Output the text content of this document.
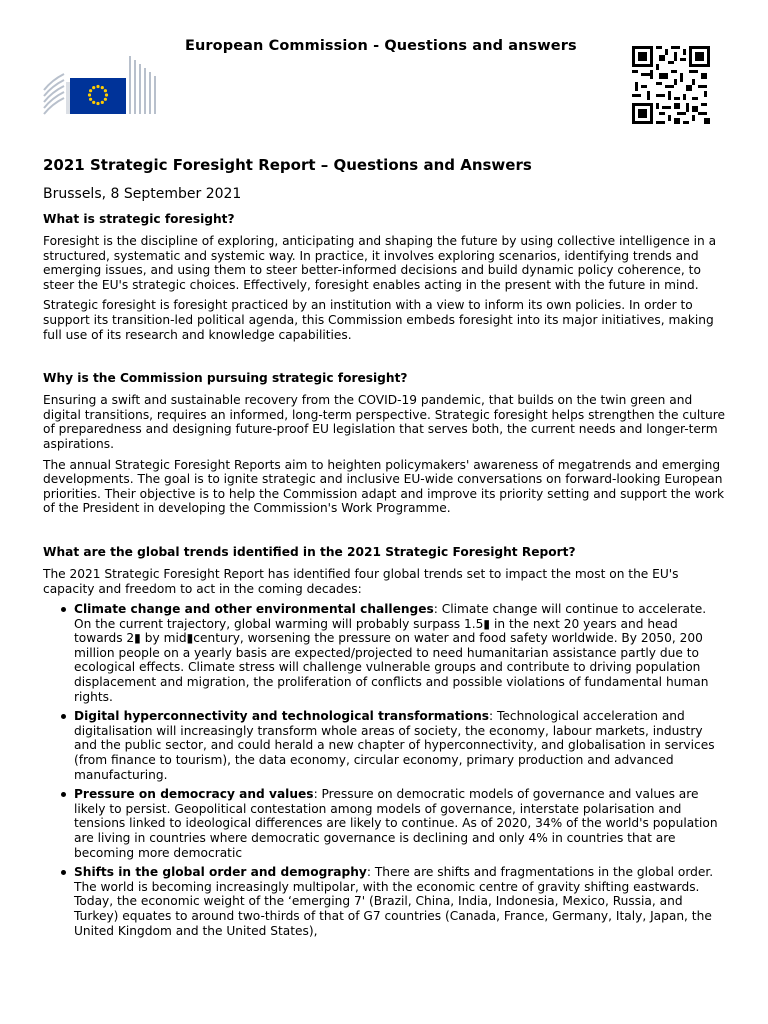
European Commission - Questions and answers
2021 Strategic Foresight Report – Questions and Answers
Brussels, 8 September 2021
What is strategic foresight?

Foresight is the discipline of exploring, anticipating and shaping the future by using collective intelligence in a structured, systematic and systemic way. In practice, it involves exploring scenarios, identifying trends and emerging issues, and using them to steer better-informed decisions and build dynamic policy coherence, to steer the EU's strategic choices. Effectively, foresight enables acting in the present with the future in mind.

Strategic foresight is foresight practiced by an institution with a view to inform its own policies. In order to support its transition-led political agenda, this Commission embeds foresight into its major initiatives, making full use of its research and knowledge capabilities.

Why is the Commission pursuing strategic foresight?

Ensuring a swift and sustainable recovery from the COVID-19 pandemic, that builds on the twin green and digital transitions, requires an informed, long-term perspective. Strategic foresight helps strengthen the culture of preparedness and designing future-proof EU legislation that serves both, the current needs and longer-term aspirations.

The annual Strategic Foresight Reports aim to heighten policymakers' awareness of megatrends and emerging developments. The goal is to ignite strategic and inclusive EU-wide conversations on forward-looking European priorities. Their objective is to help the Commission adapt and improve its priority setting and support the work of the President in developing the Commission's Work Programme.

What are the global trends identified in the 2021 Strategic Foresight Report?

The 2021 Strategic Foresight Report has identified four global trends set to impact the most on the EU's capacity and freedom to act in the coming decades:

Climate change and other environmental challenges: Climate change will continue to accelerate. On the current trajectory, global warming will probably surpass 1.5▮ in the next 20 years and head towards 2▮ by mid▮century, worsening the pressure on water and food safety worldwide. By 2050, 200 million people on a yearly basis are expected/projected to need humanitarian assistance partly due to ecological effects. Climate stress will challenge vulnerable groups and contribute to driving population displacement and migration, the proliferation of conflicts and possible violations of fundamental human rights.
Digital hyperconnectivity and technological transformations: Technological acceleration and digitalisation will increasingly transform whole areas of society, the economy, labour markets, industry and the public sector, and could herald a new chapter of hyperconnectivity, and globalisation in services (from finance to tourism), the data economy, circular economy, primary production and advanced manufacturing.
Pressure on democracy and values: Pressure on democratic models of governance and values are likely to persist. Geopolitical contestation among models of governance, interstate polarisation and tensions linked to ideological differences are likely to continue. As of 2020, 34% of the world's population are living in countries where democratic governance is declining and only 4% in countries that are becoming more democratic
Shifts in the global order and demography: There are shifts and fragmentations in the global order. The world is becoming increasingly multipolar, with the economic centre of gravity shifting eastwards. Today, the economic weight of the ‘emerging 7' (Brazil, China, India, Indonesia, Mexico, Russia, and Turkey) equates to around two-thirds of that of G7 countries (Canada, France, Germany, Italy, Japan, the United Kingdom and the United States),
